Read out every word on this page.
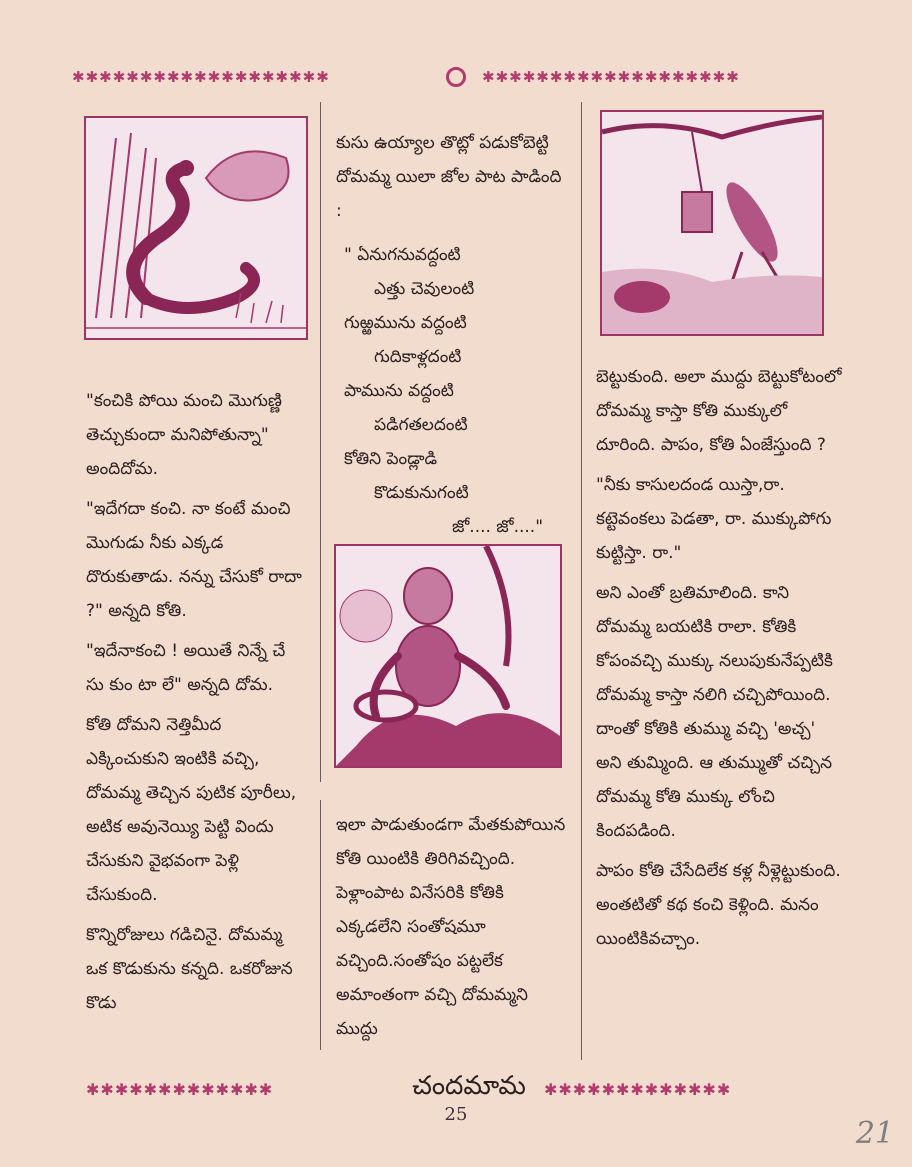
✱✱✱✱✱✱✱✱✱✱✱✱✱✱✱✱✱✱✱	✱✱✱✱✱✱✱✱✱✱✱✱✱✱✱✱✱✱✱

"కంచికి పోయి మంచి మొగుణ్ణి తెచ్చుకుందా మనిపోతున్నా" అందిదోమ.

"ఇదేగదా కంచి. నా కంటే మంచి మొగుడు నీకు ఎక్కడ దొరుకుతాడు. నన్ను చేసుకో రాదా ?" అన్నది కోతి.

"ఇదేనాకంచి ! అయితే నిన్నే చే సు కుం టా లే" అన్నది దోమ.

కోతి దోమని నెత్తిమీద ఎక్కించుకుని ఇంటికి వచ్చి, దోమమ్మ తెచ్చిన పుటిక పూరీలు, అటిక అవునెయ్యి పెట్టి విందు చేసుకుని వైభవంగా పెళ్లి చేసుకుంది.

కొన్నిరోజులు గడిచినై. దోమమ్మ ఒక కొడుకును కన్నది. ఒకరోజున కొడు

కుసు ఉయ్యాల తొట్లో పడుకోబెట్టి దోమమ్మ యిలా జోల పాట పాడింది :

" ఏనుగనువద్దంటి
ఎత్తు చెవులంటి
గుఱ్ఱమును వద్దంటి
గుదికాళ్లదంటి
పామును వద్దంటి
పడిగతలదంటి
కోతిని పెండ్లాడి
కొడుకునుగంటి
జో.... జో...."

ఇలా పాడుతుండగా మేతకుపోయిన కోతి యింటికి తిరిగివచ్చింది. పెళ్లాంపాట వినేసరికి కోతికి ఎక్కడలేని సంతోషమూ వచ్చింది.సంతోషం పట్టలేక అమాంతంగా వచ్చి దోమమ్మని ముద్దు

బెట్టుకుంది. అలా ముద్దు బెట్టుకోటంలో దోమమ్మ కాస్తా కోతి ముక్కులో దూరింది. పాపం, కోతి ఏంజేస్తుంది ?

"నీకు కాసులదండ యిస్తా,రా. కట్టెవంకలు పెడతా, రా. ముక్కుపోగు కుట్టిస్తా. రా."

అని ఎంతో బ్రతిమాలింది. కాని దోమమ్మ బయటికి రాలా. కోతికి కోపంవచ్చి ముక్కు నలుపుకునేప్పటికి దోమమ్మ కాస్తా నలిగి చచ్చిపోయింది. దాంతో కోతికి తుమ్ము వచ్చి 'అచ్చ' అని తుమ్మింది. ఆ తుమ్ముతో చచ్చిన దోమమ్మ కోతి ముక్కు లోంచి కిందపడింది.

పాపం కోతి చేసేదిలేక కళ్ల నీళ్లెట్టుకుంది. అంతటితో కథ కంచి కెళ్లింది. మనం యింటికివచ్చాం.

✱✱✱✱✱✱✱✱✱✱✱✱✱	చందమామ ✱✱✱✱✱✱✱✱✱✱✱✱✱
25
21
